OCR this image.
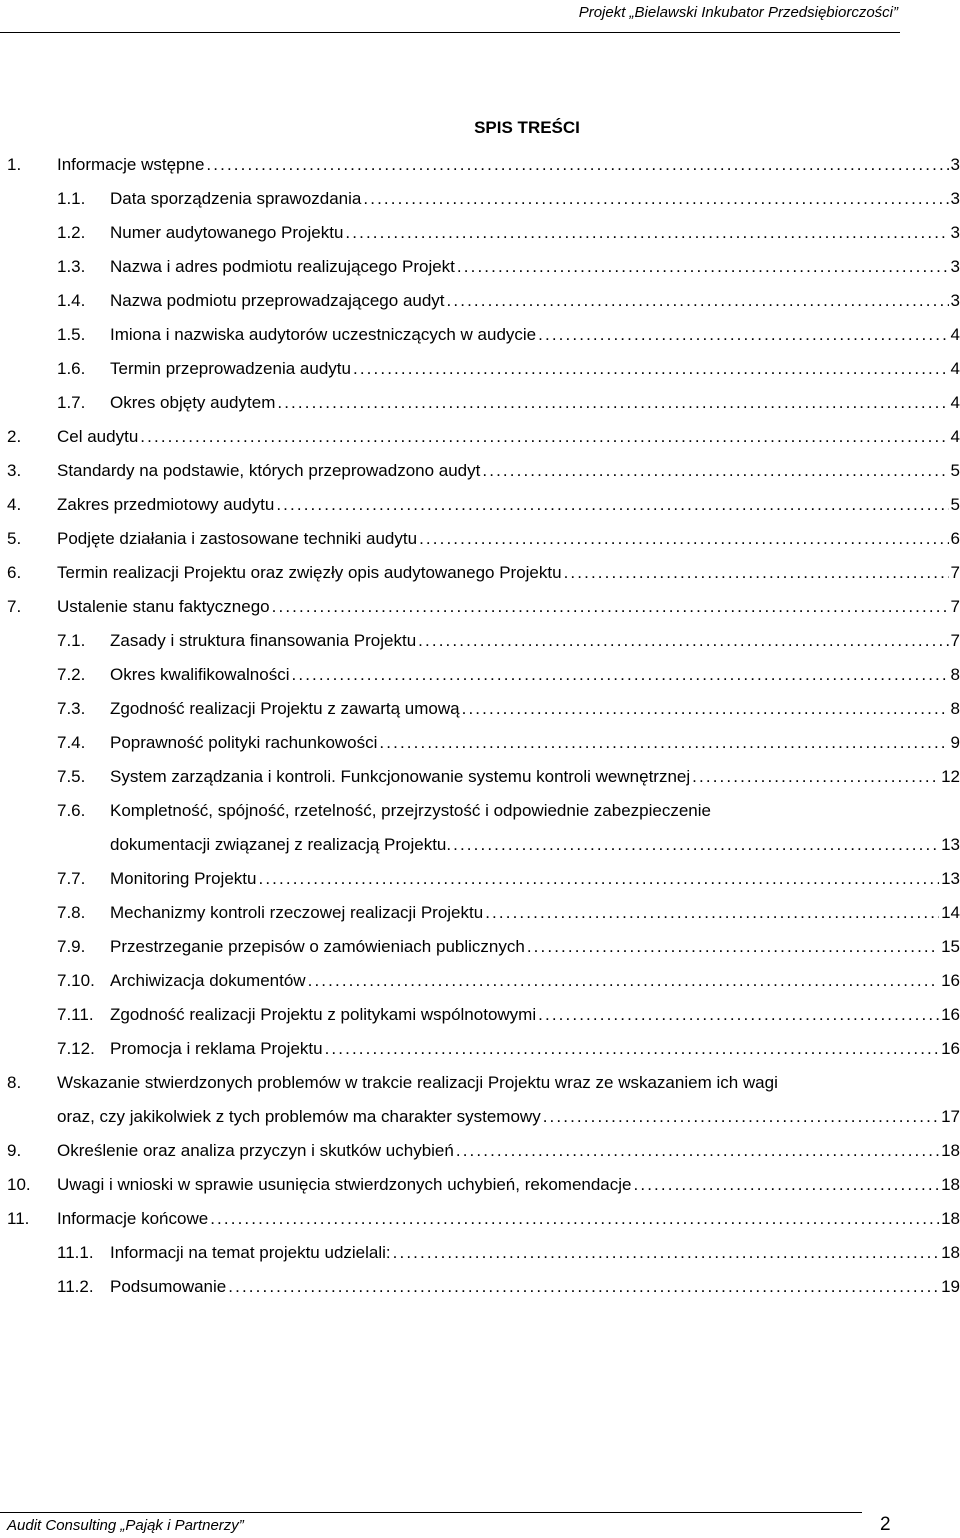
Projekt „Bielawski Inkubator Przedsiębiorczości”
SPIS TREŚCI
1. Informacje wstępne . . .	3
1.1. Data sporządzenia sprawozdania . . .	3
1.2. Numer audytowanego Projektu . . .	3
1.3. Nazwa i adres podmiotu realizującego Projekt . . .	3
1.4. Nazwa podmiotu przeprowadzającego audyt . . .	3
1.5. Imiona i nazwiska audytorów uczestniczących w audycie . . .	4
1.6. Termin przeprowadzenia audytu . . .	4
1.7. Okres objęty audytem . . .	4
2. Cel audytu . . .	4
3. Standardy na podstawie, których przeprowadzono audyt . . .	5
4. Zakres przedmiotowy audytu . . .	5
5. Podjęte działania i zastosowane techniki audytu . . .	6
6. Termin realizacji Projektu oraz zwięzły opis audytowanego Projektu . . .	7
7. Ustalenie stanu faktycznego . . .	7
7.1. Zasady i struktura finansowania Projektu . . .	7
7.2. Okres kwalifikowalności . . .	8
7.3. Zgodność realizacji Projektu z zawartą umową . . .	8
7.4. Poprawność polityki rachunkowości . . .	9
7.5. System zarządzania i kontroli. Funkcjonowanie systemu kontroli wewnętrznej . . .	12
7.6. Kompletność, spójność, rzetelność, przejrzystość i odpowiednie zabezpieczenie
dokumentacji związanej z realizacją Projektu. . . .	13
7.7. Monitoring Projektu . . .	13
7.8. Mechanizmy kontroli rzeczowej realizacji Projektu . . .	14
7.9. Przestrzeganie przepisów o zamówieniach publicznych . . .	15
7.10. Archiwizacja dokumentów . . .	16
7.11. Zgodność realizacji Projektu z politykami wspólnotowymi . . .	16
7.12. Promocja i reklama Projektu . . .	16
8. Wskazanie stwierdzonych problemów w trakcie realizacji Projektu wraz ze wskazaniem ich wagi
oraz, czy jakikolwiek z tych problemów ma charakter systemowy . . .	17
9. Określenie oraz analiza przyczyn i skutków uchybień . . .	18
10. Uwagi i wnioski w sprawie usunięcia stwierdzonych uchybień, rekomendacje . . .	18
11. Informacje końcowe . . .	18
11.1. Informacji na temat projektu udzielali: . . .	18
11.2. Podsumowanie . . .	19
Audit Consulting „Pająk i Partnerzy”	2
